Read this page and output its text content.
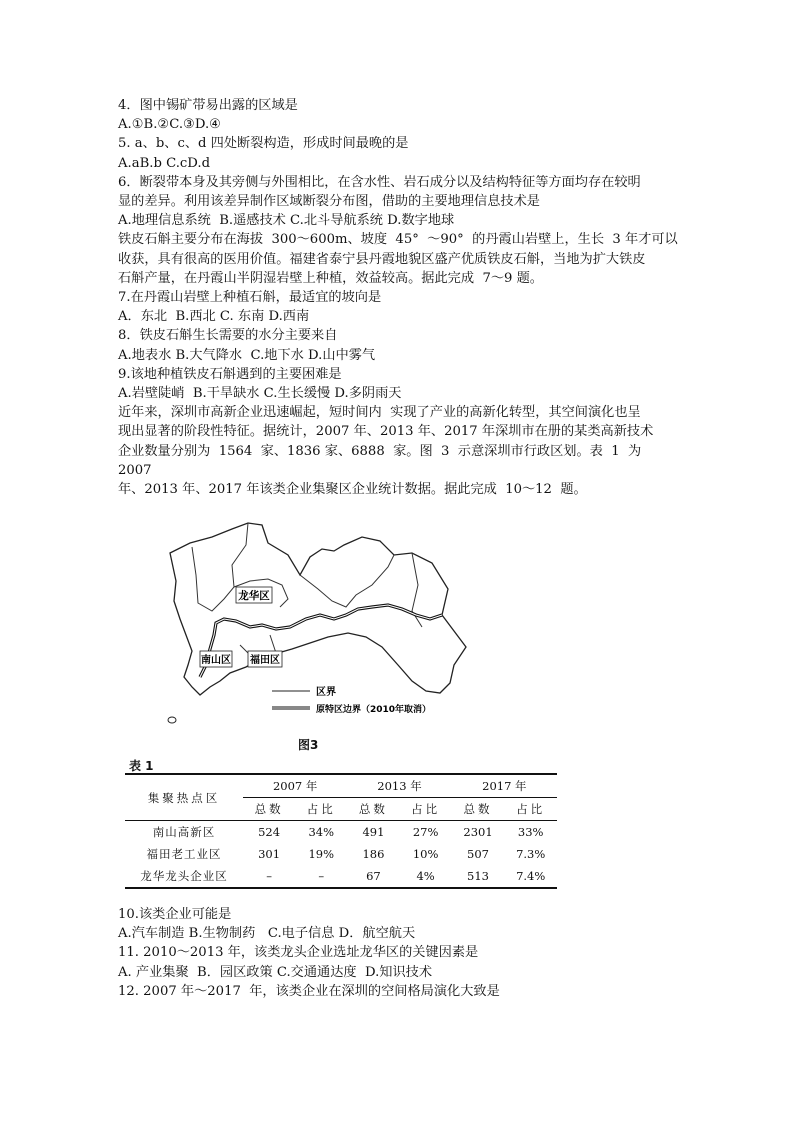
4．图中锡矿带易出露的区域是

A.①B.②C.③D.④

5. a、b、c、d 四处断裂构造，形成时间最晚的是

A.aB.b C.cD.d

6．断裂带本身及其旁侧与外围相比，在含水性、岩石成分以及结构特征等方面均存在较明

显的差异。利用该差异制作区域断裂分布图，借助的主要地理信息技术是

A.地理信息系统  B.遥感技术 C.北斗导航系统 D.数字地球

铁皮石斛主要分布在海拔  300～600m、坡度  45°  ～90°  的丹霞山岩壁上，生长  3 年才可以

收获，具有很高的医用价值。福建省泰宁县丹霞地貌区盛产优质铁皮石斛，当地为扩大铁皮

石斛产量，在丹霞山半阴湿岩壁上种植，效益较高。据此完成  7～9 题。

7.在丹霞山岩壁上种植石斛，最适宜的坡向是

A．东北  B.西北 C. 东南 D.西南

8．铁皮石斛生长需要的水分主要来自

A.地表水 B.大气降水  C.地下水 D.山中雾气

9.该地种植铁皮石斛遇到的主要困难是

A.岩壁陡峭  B.干旱缺水 C.生长缓慢 D.多阴雨天

近年来，深圳市高新企业迅速崛起，短时间内  实现了产业的高新化转型，其空间演化也呈

现出显著的阶段性特征。据统计，2007 年、2013 年、2017 年深圳市在册的某类高新技术

企业数量分别为  1564  家、1836 家、6888  家。图  3  示意深圳市行政区划。表  1  为  2007

年、2013 年、2017 年该类企业集聚区企业统计数据。据此完成  10～12  题。

龙华区
南山区 福田区
区界
原特区边界（2010年取消）
图3
表 1
集聚热点区	2007 年		2013 年		2017 年	
	总数	占比	总数	占比	总数	占比
南山高新区	524	34%	491	27%	2301	33%
福田老工业区	301	19%	186	10%	507	7.3%
龙华龙头企业区	–	–	67	4%	513	7.4%

10.该类企业可能是

A.汽车制造 B.生物制药   C.电子信息 D．航空航天

11. 2010～2013 年，该类龙头企业选址龙华区的关键因素是

A. 产业集聚  B．园区政策 C.交通通达度  D.知识技术

12. 2007 年～2017  年，该类企业在深圳的空间格局演化大致是
